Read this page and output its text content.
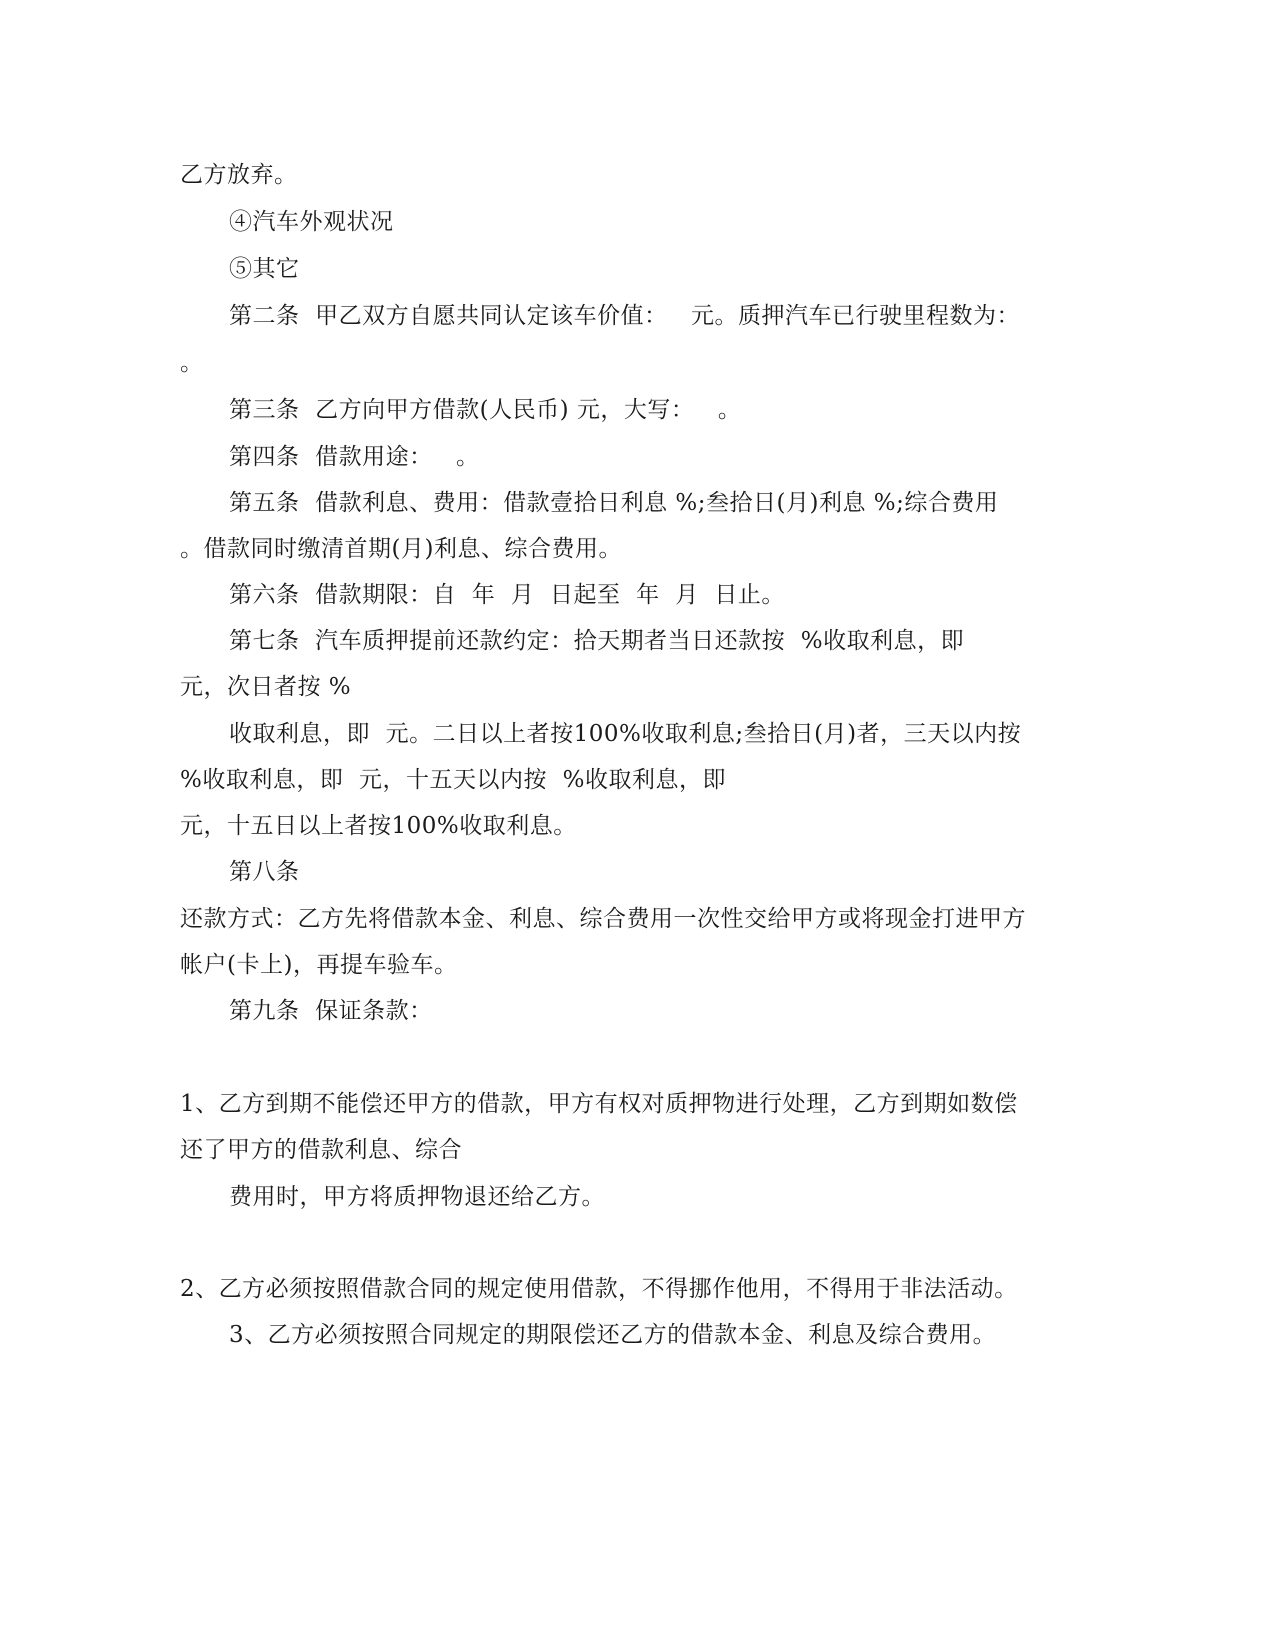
乙方放弃。
④汽车外观状况
⑤其它
第二条  甲乙双方自愿共同认定该车价值：   元。质押汽车已行驶里程数为：
。
第三条  乙方向甲方借款(人民币) 元，大写：   。
第四条  借款用途：   。
第五条  借款利息、费用：借款壹拾日利息 %;叁拾日(月)利息 %;综合费用
。借款同时缴清首期(月)利息、综合费用。
第六条  借款期限：自  年  月  日起至  年  月  日止。
第七条  汽车质押提前还款约定：拾天期者当日还款按  %收取利息，即
元，次日者按 %
收取利息，即  元。二日以上者按100%收取利息;叁拾日(月)者，三天以内按
%收取利息，即  元，十五天以内按  %收取利息，即
元，十五日以上者按100%收取利息。
第八条
还款方式：乙方先将借款本金、利息、综合费用一次性交给甲方或将现金打进甲方
帐户(卡上)，再提车验车。
第九条  保证条款：
1、乙方到期不能偿还甲方的借款，甲方有权对质押物进行处理，乙方到期如数偿
还了甲方的借款利息、综合
费用时，甲方将质押物退还给乙方。
2、乙方必须按照借款合同的规定使用借款，不得挪作他用，不得用于非法活动。
3、乙方必须按照合同规定的期限偿还乙方的借款本金、利息及综合费用。
